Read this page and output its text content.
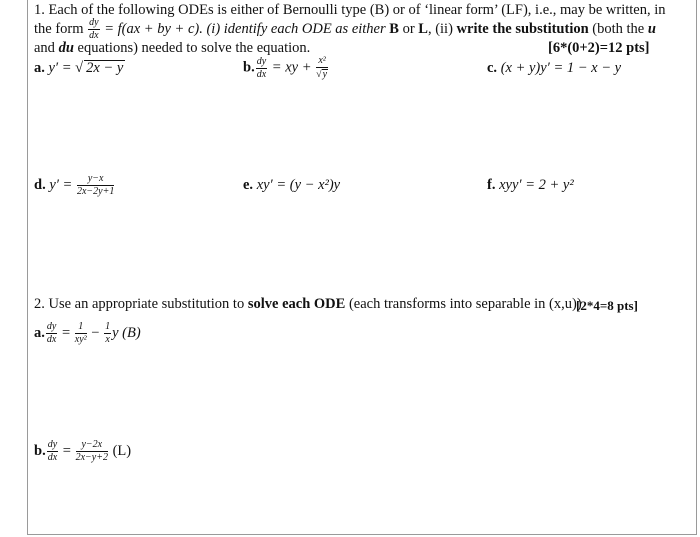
1. Each of the following ODEs is either of Bernoulli type (B) or of ‘linear form’ (LF), i.e., may be written, in
the form $\frac{dy}{dx} = f(ax$ + by + c). (i) identify each ODE as either B or L, (ii) write the substitution (both the u
and du equations) needed to solve the equation.	[6*(0+2)=12 pts]
a. y′ = √ 2x − y	b. $\frac{dy}{dx}$ = xy + $\frac{\text{x²}}{√y}$	c. (x + y)y′ = 1 − x − y
d. $y' = \frac{y-x}{2x-2y+1}$	e. xy′ = (y − x²)y	f. xyy′ = 2 + y²
2. Use an appropriate substitution to solve each ODE (each transforms into separable in (x,u))
[2*4=8 pts]
a. $\frac{dy}{dx} = \frac{1}{\text{xy²}} - \frac{1}{x}$ y (B)
b. $\frac{dy}{dx} = \frac{y-2x}{2x-y+2} (L)$
